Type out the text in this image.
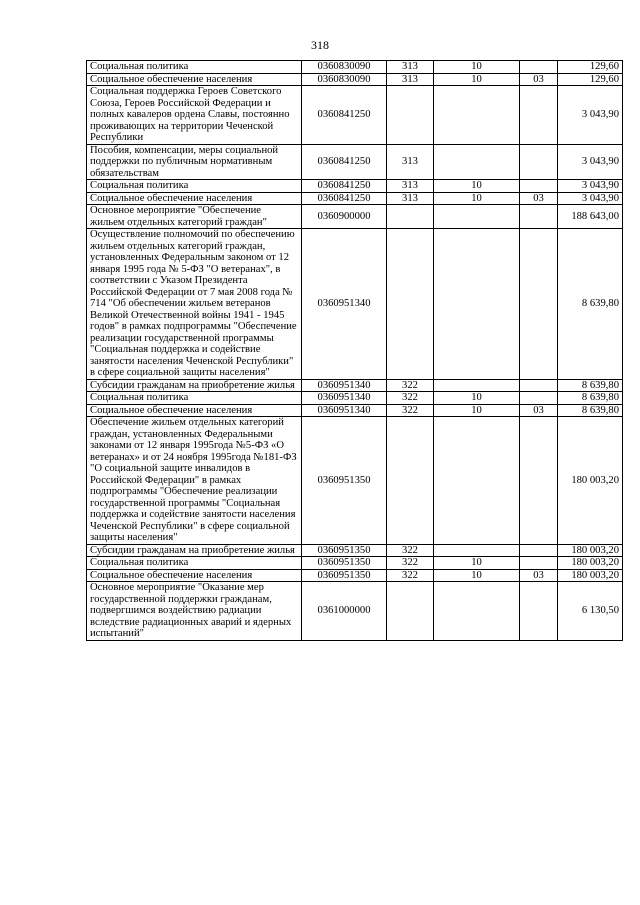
318
Социальная политика	0360830090	313	10		129,60
Социальное обеспечение населения	0360830090	313	10	03	129,60
Социальная поддержка Героев Советского Союза, Героев Российской Федерации и полных кавалеров ордена Славы, постоянно проживающих на территории Чеченской Республики	0360841250				3 043,90
Пособия, компенсации, меры социальной поддержки по публичным нормативным обязательствам	0360841250	313			3 043,90
Социальная политика	0360841250	313	10		3 043,90
Социальное обеспечение населения	0360841250	313	10	03	3 043,90
Основное мероприятие "Обеспечение жильем отдельных категорий граждан"	0360900000				188 643,00
Осуществление полномочий по обеспечению жильем отдельных категорий граждан, установленных Федеральным законом от 12 января 1995 года № 5-ФЗ "О ветеранах", в соответствии с Указом Президента Российской Федерации от 7 мая 2008 года № 714 "Об обеспечении жильем ветеранов Великой Отечественной войны 1941 - 1945 годов" в рамках подпрограммы "Обеспечение реализации государственной программы "Социальная поддержка и содействие занятости населения Чеченской Республики" в сфере социальной защиты населения"	0360951340				8 639,80
Субсидии гражданам на приобретение жилья	0360951340	322			8 639,80
Социальная политика	0360951340	322	10		8 639,80
Социальное обеспечение населения	0360951340	322	10	03	8 639,80
Обеспечение жильем отдельных категорий граждан, установленных Федеральными законами от 12 января 1995года №5-ФЗ «О ветеранах» и от 24 ноября 1995года №181-ФЗ "О социальной защите инвалидов в Российской Федерации" в рамках подпрограммы "Обеспечение реализации государственной программы "Социальная поддержка и содействие занятости населения Чеченской Республики" в сфере социальной защиты населения"	0360951350				180 003,20
Субсидии гражданам на приобретение жилья	0360951350	322			180 003,20
Социальная политика	0360951350	322	10		180 003,20
Социальное обеспечение населения	0360951350	322	10	03	180 003,20
Основное мероприятие "Оказание мер государственной поддержки гражданам, подвергшимся воздействию радиации вследствие радиационных аварий и ядерных испытаний"	0361000000				6 130,50
